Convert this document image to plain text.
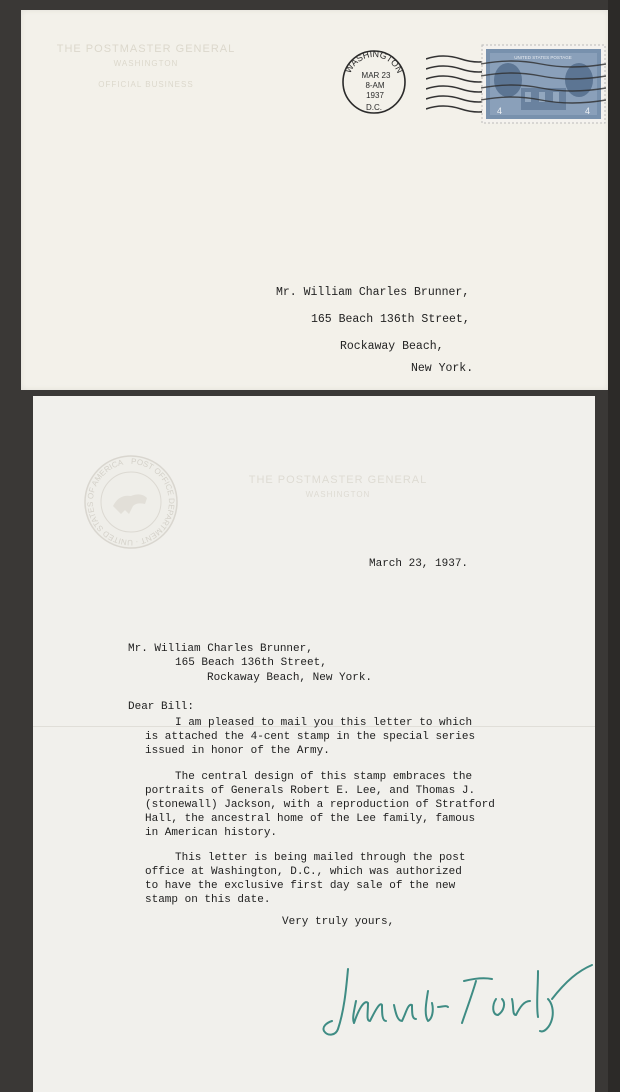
THE POSTMASTER GENERAL
WASHINGTON
OFFICIAL BUSINESS
WASHINGTON
MAR 23
8-AM
1937
D.C.
UNITED STATES POSTAGE
4	4
Mr. William Charles Brunner,
165 Beach 136th Street,
Rockaway Beach,
New York.
POST OFFICE DEPARTMENT · UNITED STATES OF AMERICA
THE POSTMASTER GENERAL
WASHINGTON
March 23, 1937.
Mr. William Charles Brunner,
165 Beach 136th Street,
Rockaway Beach, New York.
Dear Bill:
I am pleased to mail you this letter to which
is attached the 4-cent stamp in the special series
issued in honor of the Army.
The central design of this stamp embraces the
portraits of Generals Robert E. Lee, and Thomas J.
(stonewall) Jackson, with a reproduction of Stratford
Hall, the ancestral home of the Lee family, famous
in American history.
This letter is being mailed through the post
office at Washington, D.C., which was authorized
to have the exclusive first day sale of the new
stamp on this date.
Very truly yours,
James A. Farley
